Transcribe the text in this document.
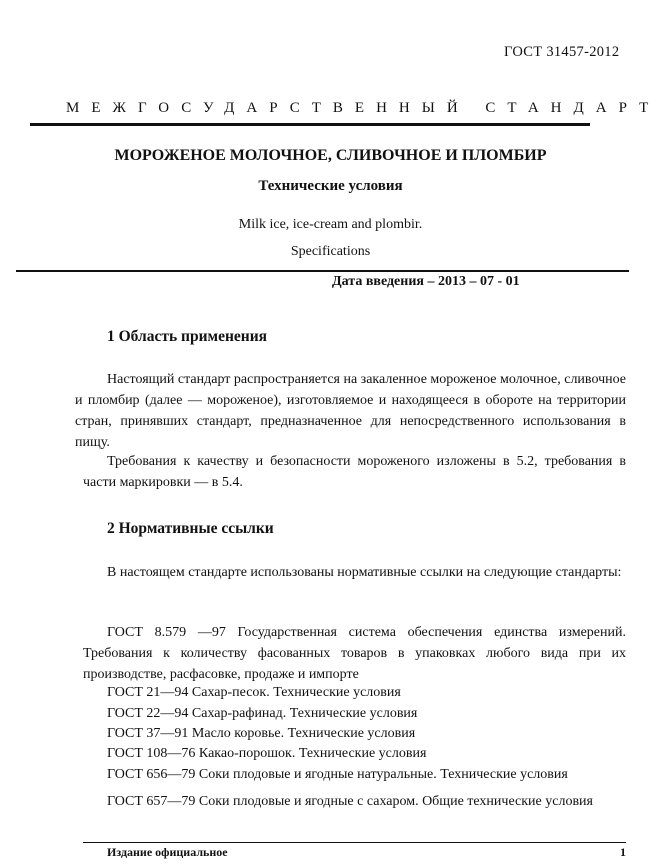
ГОСТ 31457-2012
МЕЖГОСУДАРСТВЕННЫЙ СТАНДАРТ
МОРОЖЕНОЕ МОЛОЧНОЕ, СЛИВОЧНОЕ И ПЛОМБИР
Технические условия
Milk ice, ice-cream and plombir.
Specifications
Дата введения – 2013 – 07 - 01
1 Область применения
Настоящий стандарт распространяется на закаленное мороженое молочное, сливочное и пломбир (далее — мороженое), изготовляемое и находящееся в обороте на территории стран, принявших стандарт, предназначенное для непосредственного использования в пищу.
Требования к качеству и безопасности мороженого изложены в 5.2, требования в части маркировки — в 5.4.
2 Нормативные ссылки
В настоящем стандарте использованы нормативные ссылки на следующие стандарты:
ГОСТ 8.579 —97 Государственная система обеспечения единства измерений. Требования к количеству фасованных товаров в упаковках любого вида при их производстве, расфасовке, продаже и импорте
ГОСТ 21—94 Сахар-песок. Технические условия
ГОСТ 22—94 Сахар-рафинад. Технические условия
ГОСТ 37—91 Масло коровье. Технические условия
ГОСТ 108—76 Какао-порошок. Технические условия
ГОСТ 656—79 Соки плодовые и ягодные натуральные. Технические условия
ГОСТ 657—79 Соки плодовые и ягодные с сахаром. Общие технические условия
Издание официальное	1
